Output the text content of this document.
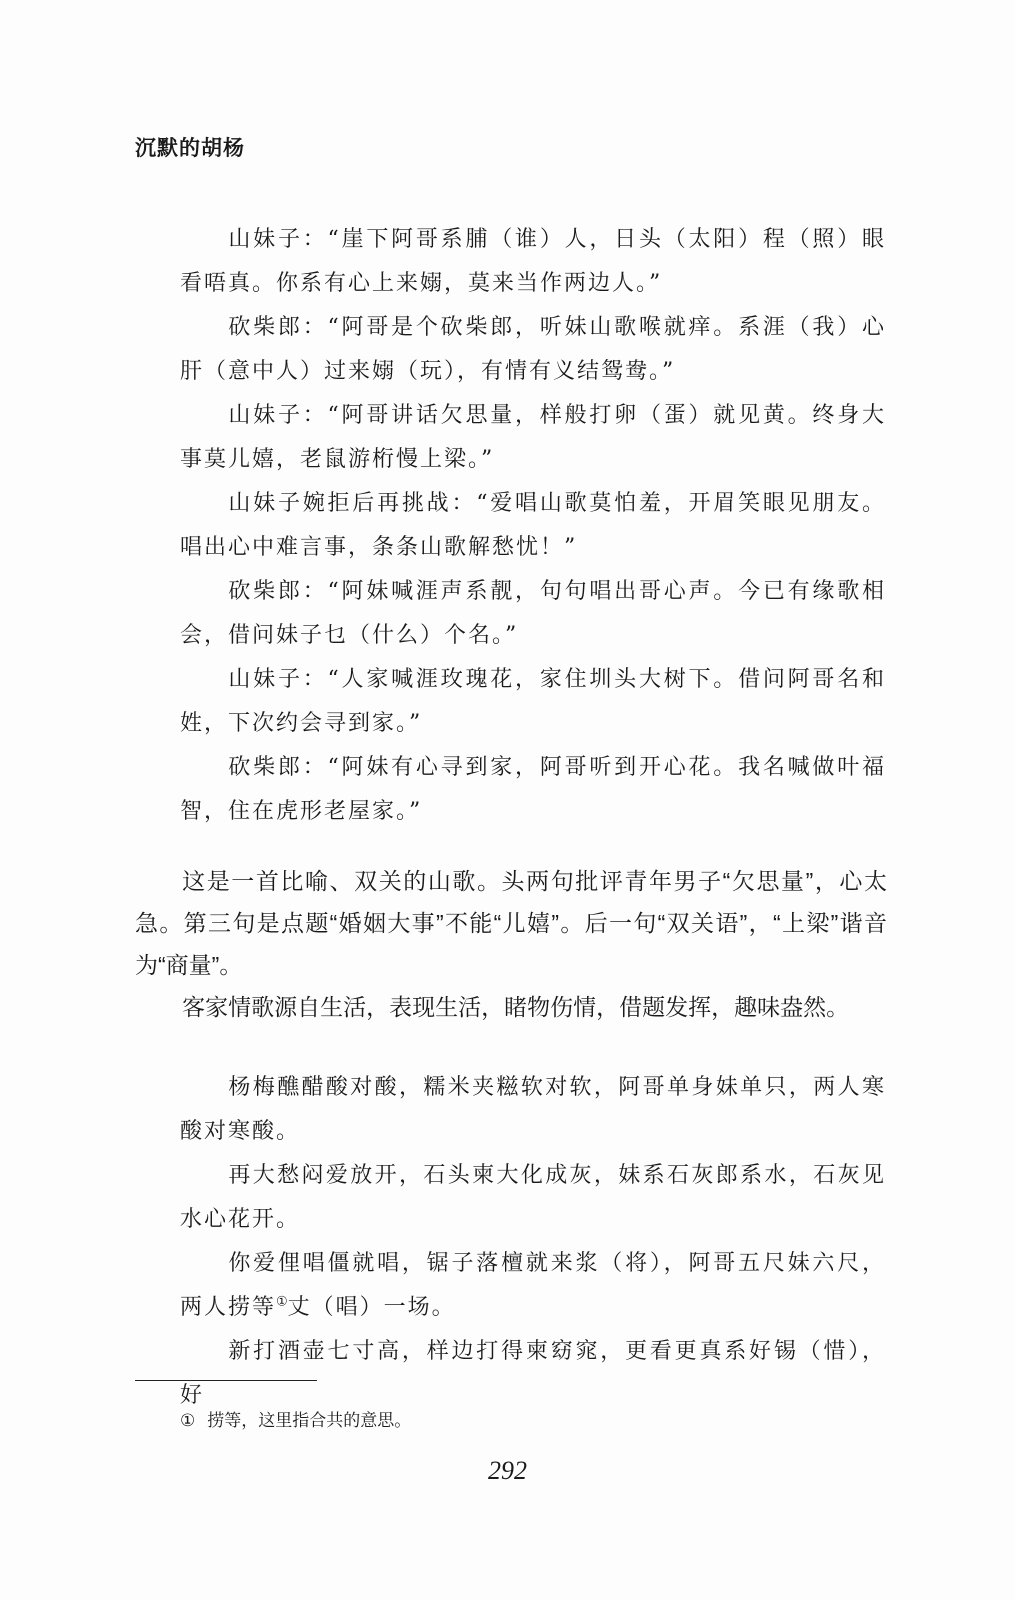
沉默的胡杨

山妹子：“崖下阿哥系脯（谁）人，日头（太阳）程（照）眼看唔真。你系有心上来嫋，莫来当作两边人。”

砍柴郎：“阿哥是个砍柴郎，听妹山歌喉就痒。系涯（我）心肝（意中人）过来嫋（玩），有情有义结鸳鸯。”

山妹子：“阿哥讲话欠思量，样般打卵（蛋）就见黄。终身大事莫儿嬉，老鼠游桁慢上梁。”

山妹子婉拒后再挑战：“爱唱山歌莫怕羞，开眉笑眼见朋友。唱出心中难言事，条条山歌解愁忧！”

砍柴郎：“阿妹喊涯声系靓，句句唱出哥心声。今已有缘歌相会，借问妹子乜（什么）个名。”

山妹子：“人家喊涯玫瑰花，家住圳头大树下。借问阿哥名和姓，下次约会寻到家。”

砍柴郎：“阿妹有心寻到家，阿哥听到开心花。我名喊做叶福智，住在虎形老屋家。”

这是一首比喻、双关的山歌。头两句批评青年男子“欠思量”，心太急。第三句是点题“婚姻大事”不能“儿嬉”。后一句“双关语”，“上梁”谐音为“商量”。

客家情歌源自生活，表现生活，睹物伤情，借题发挥，趣味盎然。

杨梅醮醋酸对酸，糯米夹糍软对软，阿哥单身妹单只，两人寒酸对寒酸。

再大愁闷爱放开，石头柬大化成灰，妹系石灰郎系水，石灰见水心花开。

你爱俚唱僵就唱，锯子落檀就来浆（将），阿哥五尺妹六尺，两人捞等①丈（唱）一场。

新打酒壶七寸高，样边打得柬窈窕，更看更真系好锡（惜），好

① 捞等，这里指合共的意思。
292
